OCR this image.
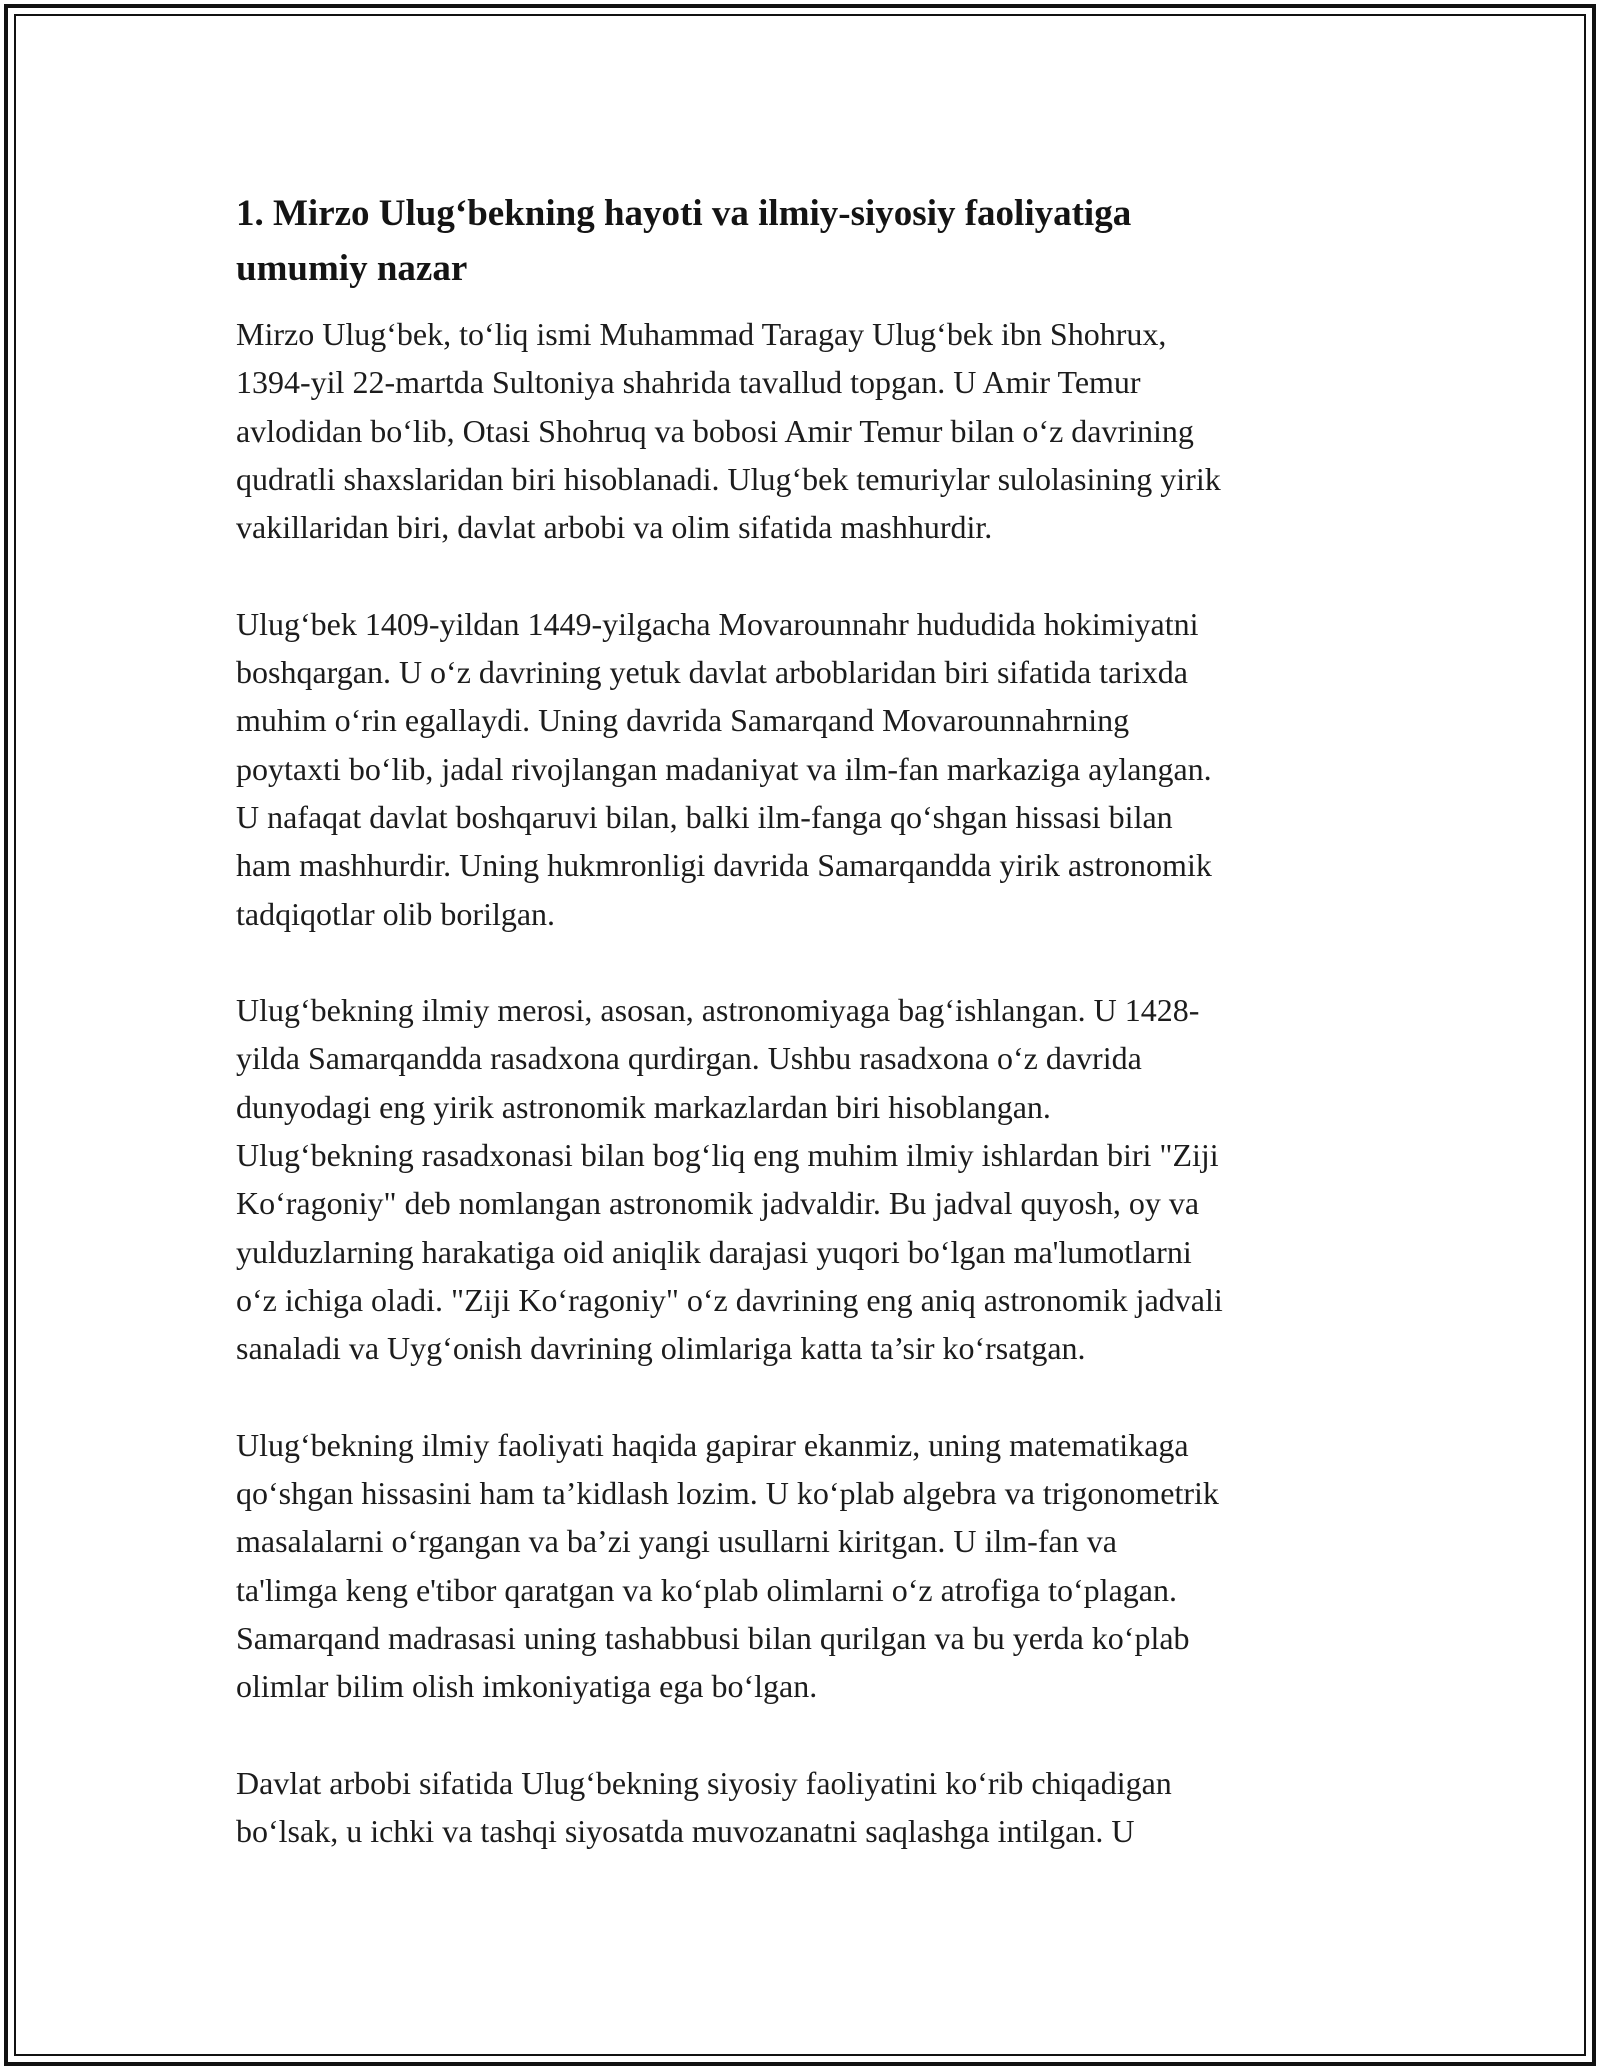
1. Mirzo Ulug‘bekning hayoti va ilmiy-siyosiy faoliyatiga
umumiy nazar

Mirzo Ulug‘bek, to‘liq ismi Muhammad Taragay Ulug‘bek ibn Shohrux,
1394-yil 22-martda Sultoniya shahrida tavallud topgan. U Amir Temur
avlodidan bo‘lib, Otasi Shohruq va bobosi Amir Temur bilan o‘z davrining
qudratli shaxslaridan biri hisoblanadi. Ulug‘bek temuriylar sulolasining yirik
vakillaridan biri, davlat arbobi va olim sifatida mashhurdir.

Ulug‘bek 1409-yildan 1449-yilgacha Movarounnahr hududida hokimiyatni
boshqargan. U o‘z davrining yetuk davlat arboblaridan biri sifatida tarixda
muhim o‘rin egallaydi. Uning davrida Samarqand Movarounnahrning
poytaxti bo‘lib, jadal rivojlangan madaniyat va ilm-fan markaziga aylangan.
U nafaqat davlat boshqaruvi bilan, balki ilm-fanga qo‘shgan hissasi bilan
ham mashhurdir. Uning hukmronligi davrida Samarqandda yirik astronomik
tadqiqotlar olib borilgan.

Ulug‘bekning ilmiy merosi, asosan, astronomiyaga bag‘ishlangan. U 1428-
yilda Samarqandda rasadxona qurdirgan. Ushbu rasadxona o‘z davrida
dunyodagi eng yirik astronomik markazlardan biri hisoblangan.
Ulug‘bekning rasadxonasi bilan bog‘liq eng muhim ilmiy ishlardan biri "Ziji
Ko‘ragoniy" deb nomlangan astronomik jadvaldir. Bu jadval quyosh, oy va
yulduzlarning harakatiga oid aniqlik darajasi yuqori bo‘lgan ma'lumotlarni
o‘z ichiga oladi. "Ziji Ko‘ragoniy" o‘z davrining eng aniq astronomik jadvali
sanaladi va Uyg‘onish davrining olimlariga katta ta’sir ko‘rsatgan.

Ulug‘bekning ilmiy faoliyati haqida gapirar ekanmiz, uning matematikaga
qo‘shgan hissasini ham ta’kidlash lozim. U ko‘plab algebra va trigonometrik
masalalarni o‘rgangan va ba’zi yangi usullarni kiritgan. U ilm-fan va
ta'limga keng e'tibor qaratgan va ko‘plab olimlarni o‘z atrofiga to‘plagan.
Samarqand madrasasi uning tashabbusi bilan qurilgan va bu yerda ko‘plab
olimlar bilim olish imkoniyatiga ega bo‘lgan.

Davlat arbobi sifatida Ulug‘bekning siyosiy faoliyatini ko‘rib chiqadigan
bo‘lsak, u ichki va tashqi siyosatda muvozanatni saqlashga intilgan. U
